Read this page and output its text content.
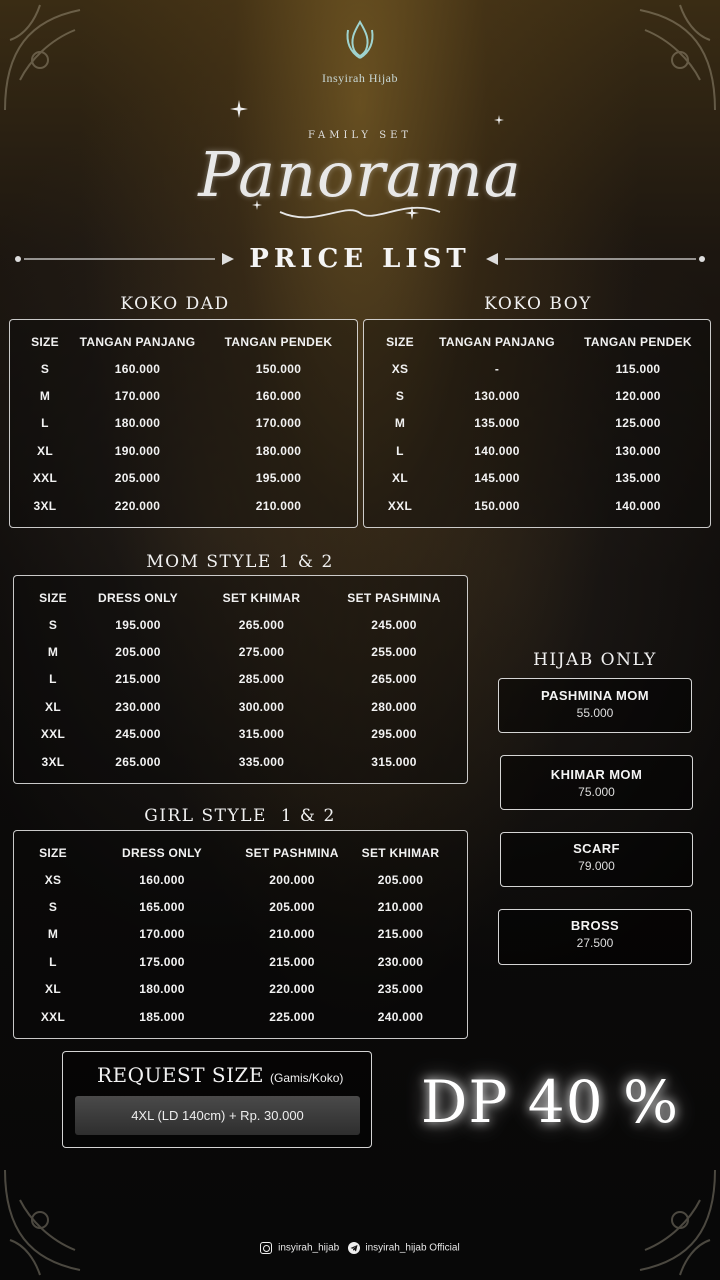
Insyirah Hijab
FAMILY SET
Panorama
PRICE LIST
KOKO DAD
SIZE	TANGAN PANJANG	TANGAN PENDEK
S	160.000	150.000
M	170.000	160.000
L	180.000	170.000
XL	190.000	180.000
XXL	205.000	195.000
3XL	220.000	210.000
KOKO BOY
SIZE	TANGAN PANJANG	TANGAN PENDEK
XS	-	115.000
S	130.000	120.000
M	135.000	125.000
L	140.000	130.000
XL	145.000	135.000
XXL	150.000	140.000
MOM STYLE 1 & 2
SIZE	DRESS ONLY	SET KHIMAR	SET PASHMINA
S	195.000	265.000	245.000
M	205.000	275.000	255.000
L	215.000	285.000	265.000
XL	230.000	300.000	280.000
XXL	245.000	315.000	295.000
3XL	265.000	335.000	315.000
GIRL STYLE  1 & 2
SIZE	DRESS ONLY	SET PASHMINA	SET KHIMAR
XS	160.000	200.000	205.000
S	165.000	205.000	210.000
M	170.000	210.000	215.000
L	175.000	215.000	230.000
XL	180.000	220.000	235.000
XXL	185.000	225.000	240.000
HIJAB ONLY
PASHMINA MOM
55.000
KHIMAR MOM
75.000
SCARF
79.000
BROSS
27.500
REQUEST SIZE (Gamis/Koko)
4XL (LD 140cm) + Rp. 30.000	DP 40 %
insyirah_hijab	insyirah_hijab Official
